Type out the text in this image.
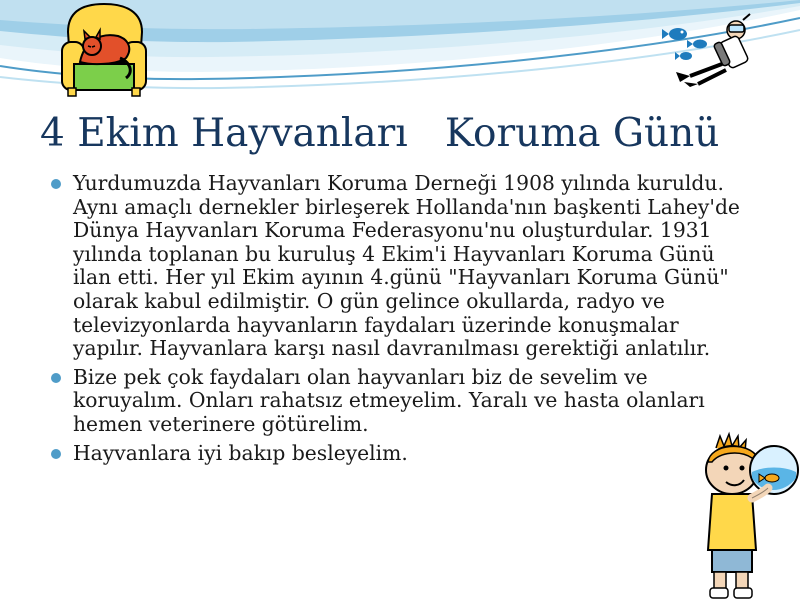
4 Ekim Hayvanları   Koruma Günü
Yurdumuzda Hayvanları Koruma Derneği 1908 yılında kuruldu. Aynı amaçlı dernekler birleşerek Hollanda'nın başkenti Lahey'de Dünya Hayvanları Koruma Federasyonu'nu oluşturdular. 1931 yılında toplanan bu kuruluş 4 Ekim'i Hayvanları Koruma Günü ilan etti. Her yıl Ekim ayının 4.günü "Hayvanları Koruma Günü" olarak kabul edilmiştir. O gün gelince okullarda, radyo ve televizyonlarda hayvanların faydaları üzerinde konuşmalar yapılır. Hayvanlara karşı nasıl davranılması gerektiği anlatılır.
Bize pek çok faydaları olan hayvanları biz de sevelim ve koruyalım. Onları rahatsız etmeyelim. Yaralı ve hasta olanları hemen veterinere götürelim.
Hayvanlara iyi bakıp besleyelim.
